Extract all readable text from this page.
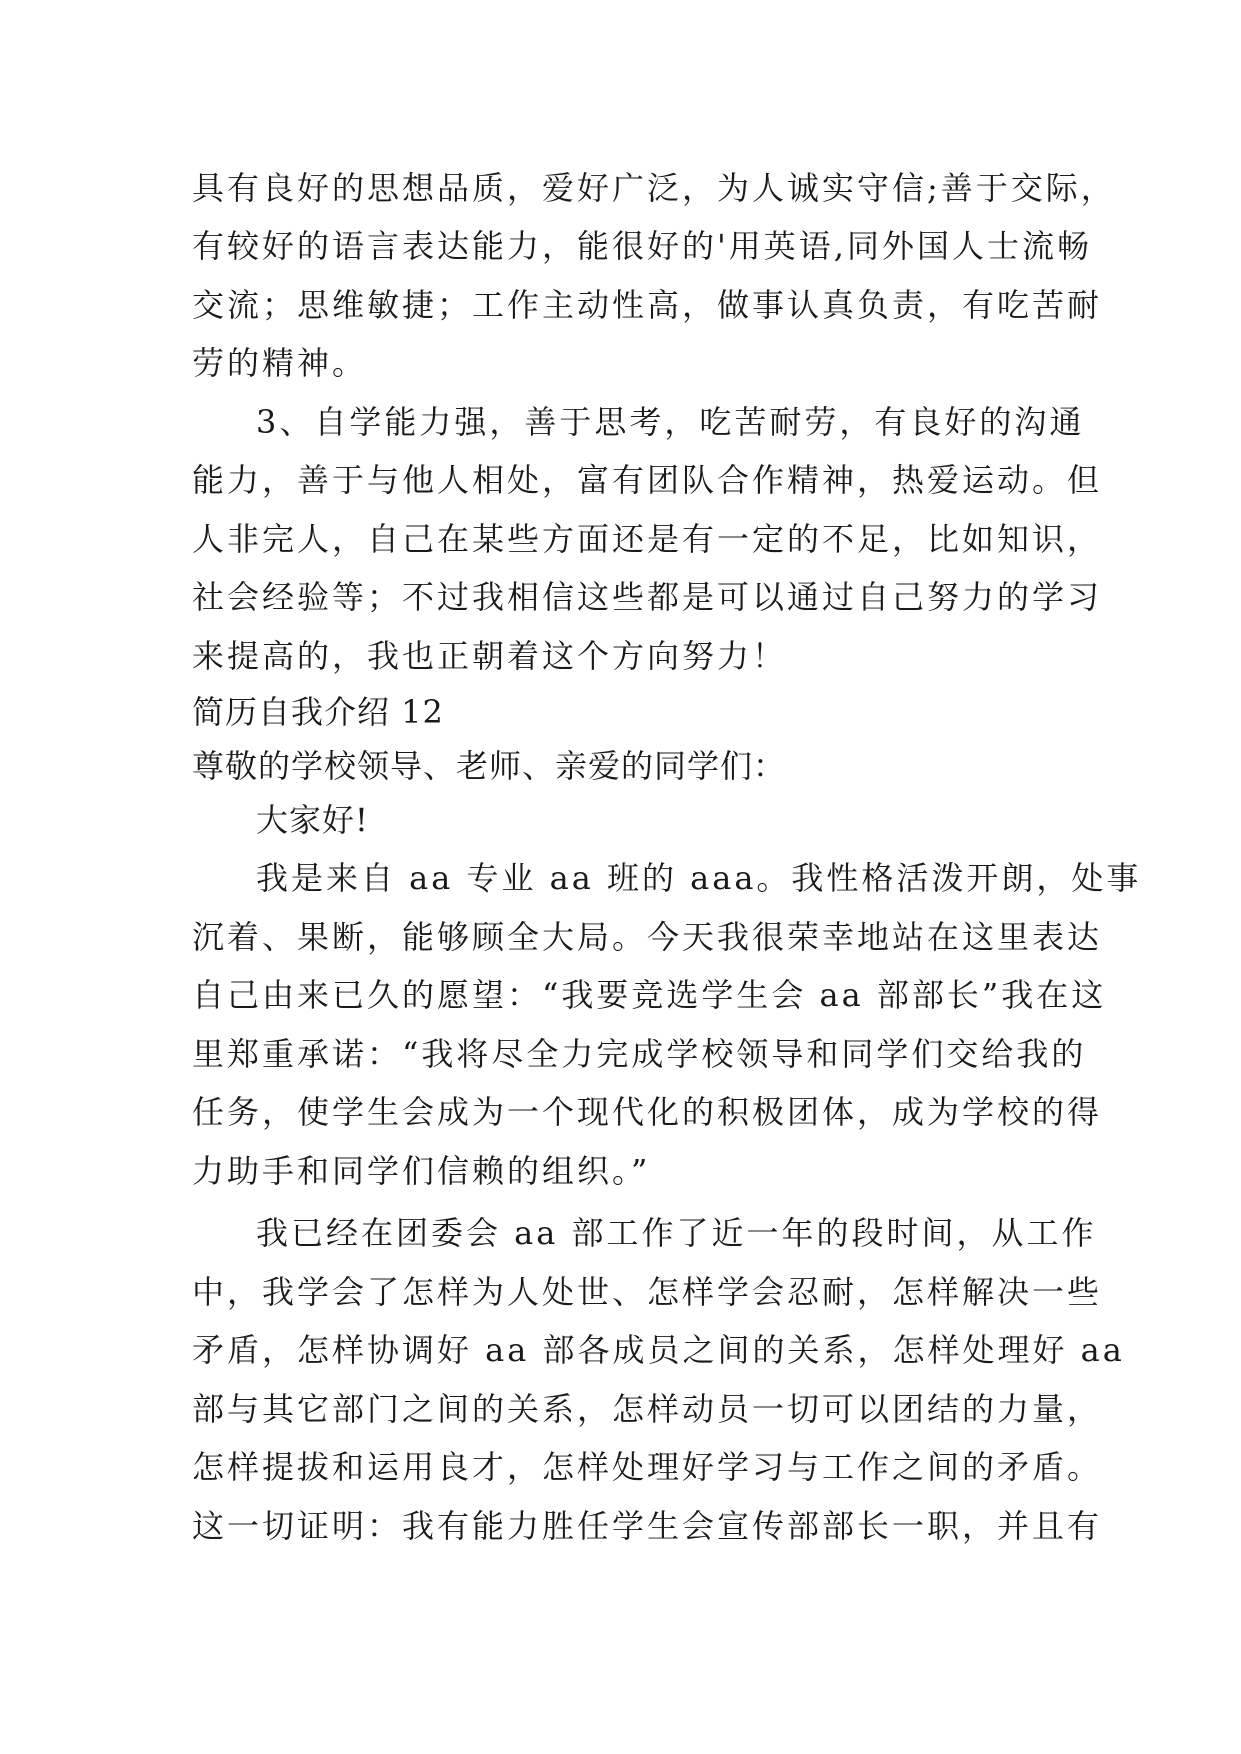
具有良好的思想品质，爱好广泛，为人诚实守信;善于交际，
有较好的语言表达能力，能很好的'用英语,同外国人士流畅
交流；思维敏捷；工作主动性高，做事认真负责，有吃苦耐
劳的精神。
3、自学能力强，善于思考，吃苦耐劳，有良好的沟通
能力，善于与他人相处，富有团队合作精神，热爱运动。但
人非完人，自己在某些方面还是有一定的不足，比如知识，
社会经验等；不过我相信这些都是可以通过自己努力的学习
来提高的，我也正朝着这个方向努力！
简历自我介绍 12
尊敬的学校领导、老师、亲爱的同学们：
大家好!
我是来自 aa 专业 aa 班的 aaa。我性格活泼开朗，处事
沉着、果断，能够顾全大局。今天我很荣幸地站在这里表达
自己由来已久的愿望：“我要竞选学生会 aa 部部长”我在这
里郑重承诺：“我将尽全力完成学校领导和同学们交给我的
任务，使学生会成为一个现代化的积极团体，成为学校的得
力助手和同学们信赖的组织。”
我已经在团委会 aa 部工作了近一年的段时间，从工作
中，我学会了怎样为人处世、怎样学会忍耐，怎样解决一些
矛盾，怎样协调好 aa 部各成员之间的关系，怎样处理好 aa
部与其它部门之间的关系，怎样动员一切可以团结的力量，
怎样提拔和运用良才，怎样处理好学习与工作之间的矛盾。
这一切证明：我有能力胜任学生会宣传部部长一职，并且有
